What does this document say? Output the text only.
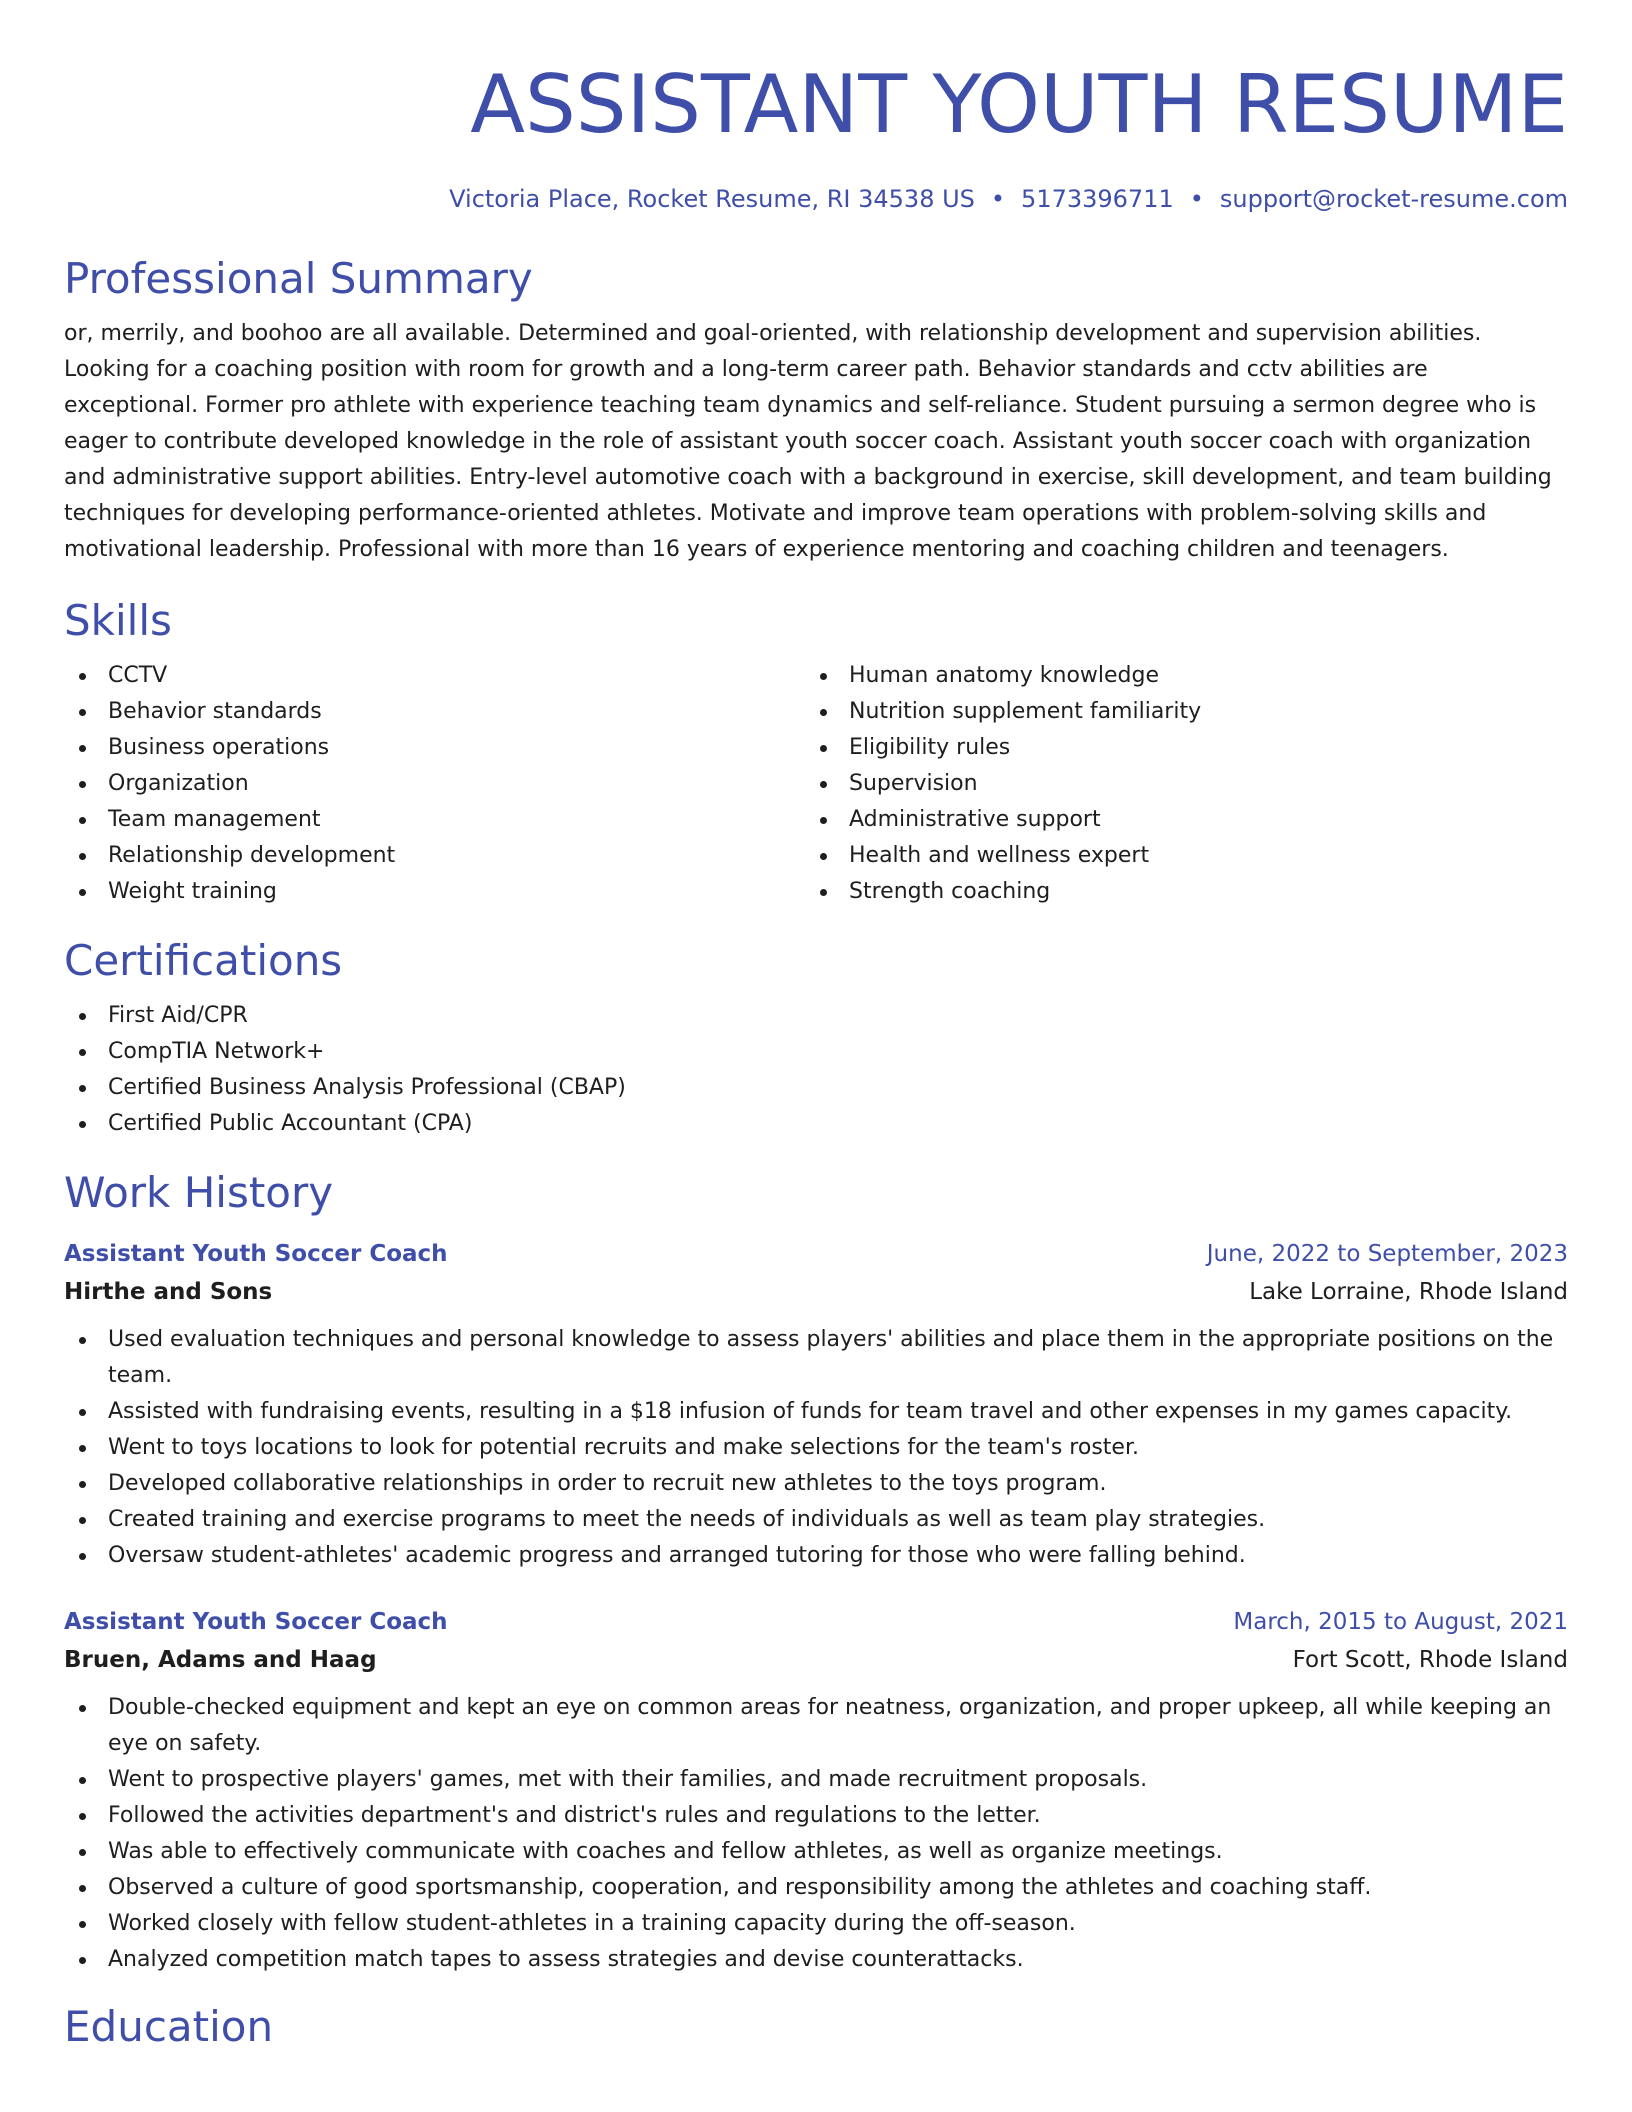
ASSISTANT YOUTH RESUME
Victoria Place, Rocket Resume, RI 34538 US • 5173396711 • support@rocket-resume.com
Professional Summary
or, merrily, and boohoo are all available. Determined and goal-oriented, with relationship development and supervision abilities. Looking for a coaching position with room for growth and a long-term career path. Behavior standards and cctv abilities are exceptional. Former pro athlete with experience teaching team dynamics and self-reliance. Student pursuing a sermon degree who is eager to contribute developed knowledge in the role of assistant youth soccer coach. Assistant youth soccer coach with organization and administrative support abilities. Entry-level automotive coach with a background in exercise, skill development, and team building techniques for developing performance-oriented athletes. Motivate and improve team operations with problem-solving skills and motivational leadership. Professional with more than 16 years of experience mentoring and coaching children and teenagers.
Skills
CCTV
Behavior standards
Business operations
Organization
Team management
Relationship development
Weight training
Human anatomy knowledge
Nutrition supplement familiarity
Eligibility rules
Supervision
Administrative support
Health and wellness expert
Strength coaching
Certifications
First Aid/CPR
CompTIA Network+
Certified Business Analysis Professional (CBAP)
Certified Public Accountant (CPA)
Work History
Assistant Youth Soccer Coach	June, 2022 to September, 2023
Hirthe and Sons	Lake Lorraine, Rhode Island
Used evaluation techniques and personal knowledge to assess players' abilities and place them in the appropriate positions on the team.
Assisted with fundraising events, resulting in a $18 infusion of funds for team travel and other expenses in my games capacity.
Went to toys locations to look for potential recruits and make selections for the team's roster.
Developed collaborative relationships in order to recruit new athletes to the toys program.
Created training and exercise programs to meet the needs of individuals as well as team play strategies.
Oversaw student-athletes' academic progress and arranged tutoring for those who were falling behind.
Assistant Youth Soccer Coach	March, 2015 to August, 2021
Bruen, Adams and Haag	Fort Scott, Rhode Island
Double-checked equipment and kept an eye on common areas for neatness, organization, and proper upkeep, all while keeping an eye on safety.
Went to prospective players' games, met with their families, and made recruitment proposals.
Followed the activities department's and district's rules and regulations to the letter.
Was able to effectively communicate with coaches and fellow athletes, as well as organize meetings.
Observed a culture of good sportsmanship, cooperation, and responsibility among the athletes and coaching staff.
Worked closely with fellow student-athletes in a training capacity during the off-season.
Analyzed competition match tapes to assess strategies and devise counterattacks.
Education
